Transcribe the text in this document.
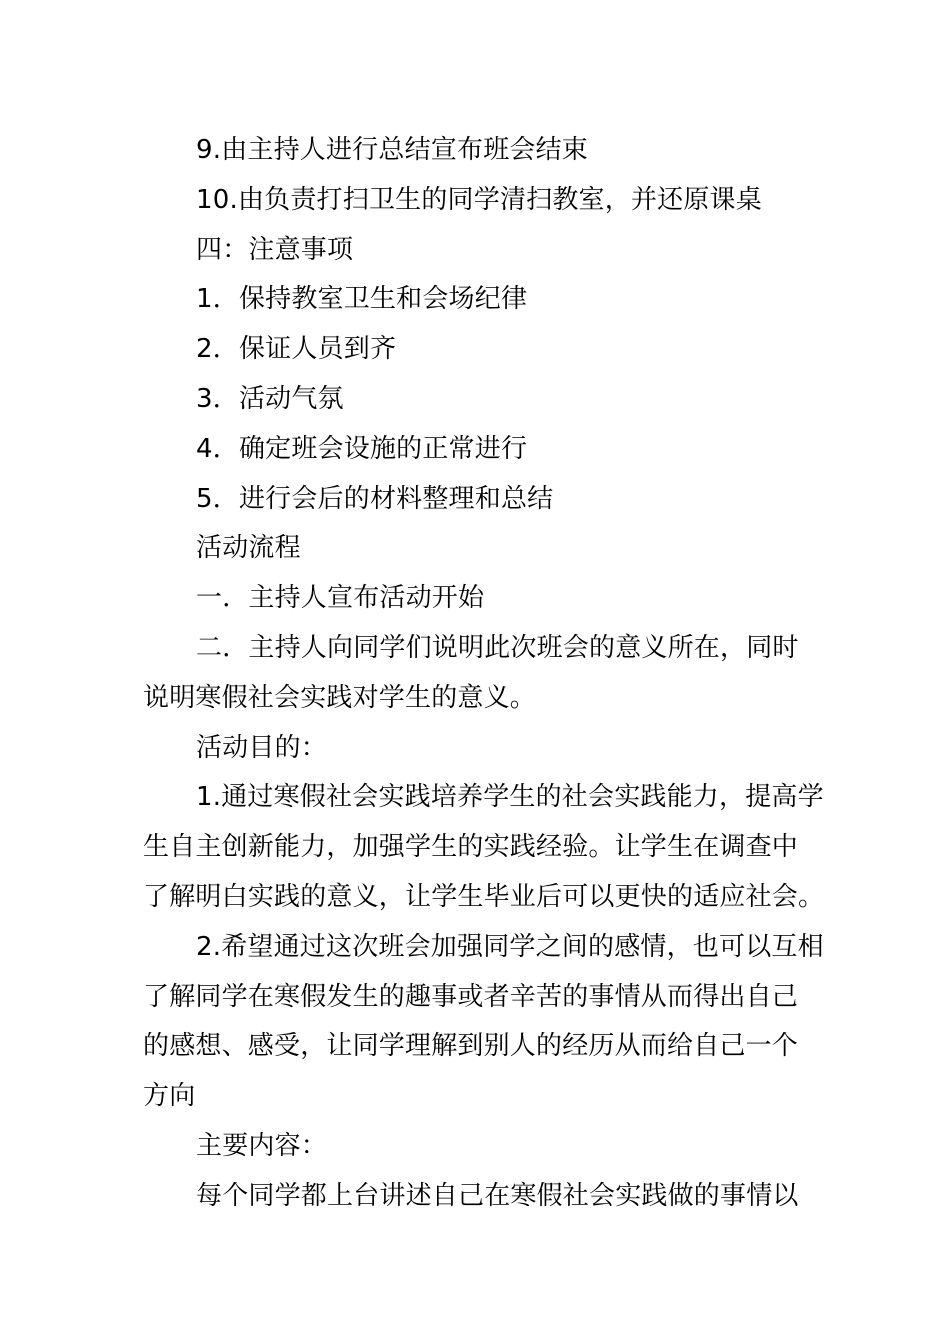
9.由主持人进行总结宣布班会结束

10.由负责打扫卫生的同学清扫教室，并还原课桌

四：注意事项

1．保持教室卫生和会场纪律

2．保证人员到齐

3．活动气氛

4．确定班会设施的正常进行

5．进行会后的材料整理和总结

活动流程

一．主持人宣布活动开始

二．主持人向同学们说明此次班会的意义所在，同时

说明寒假社会实践对学生的意义。

活动目的：

1.通过寒假社会实践培养学生的社会实践能力，提高学

生自主创新能力，加强学生的实践经验。让学生在调查中

了解明白实践的意义，让学生毕业后可以更快的适应社会。

2.希望通过这次班会加强同学之间的感情，也可以互相

了解同学在寒假发生的趣事或者辛苦的事情从而得出自己

的感想、感受，让同学理解到别人的经历从而给自己一个

方向

主要内容：

每个同学都上台讲述自己在寒假社会实践做的事情以
